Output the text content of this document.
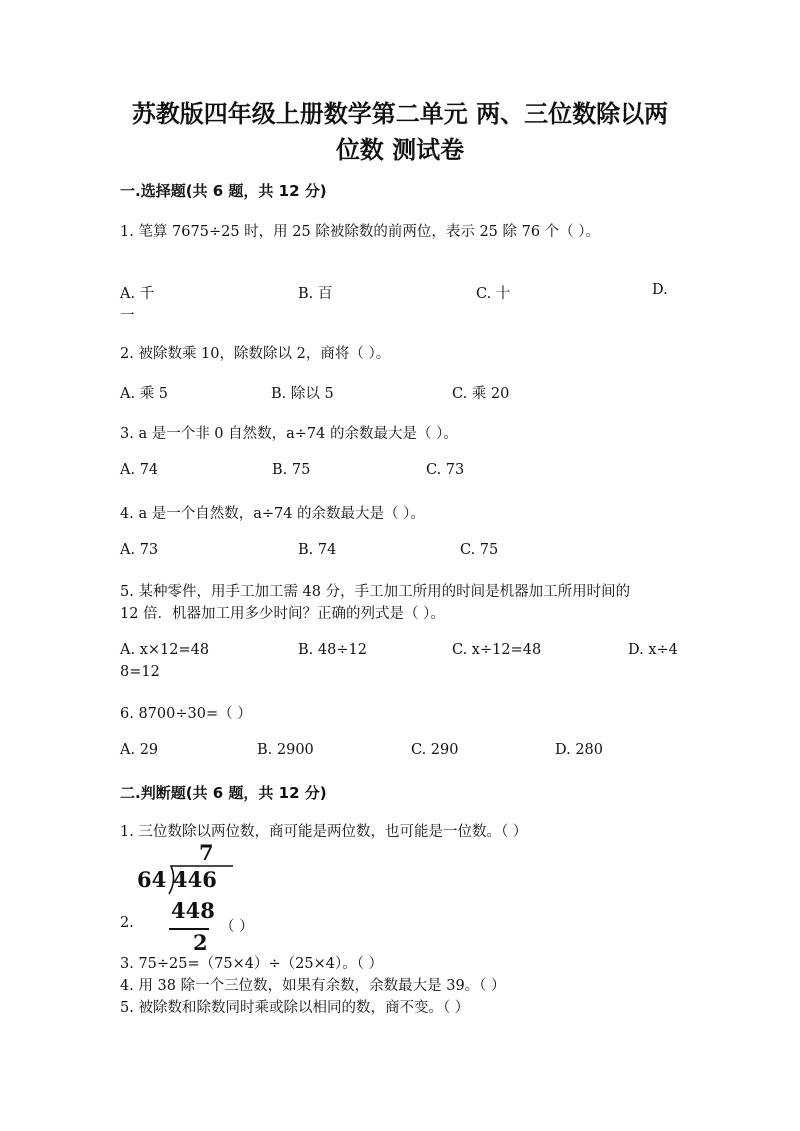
苏教版四年级上册数学第二单元 两、三位数除以两
位数 测试卷
一.选择题(共 6 题，共 12 分)
1. 笔算 7675÷25 时，用 25 除被除数的前两位，表示 25 除 76 个（ ）。
A. 千	B. 百	C. 十	D.
一
2. 被除数乘 10，除数除以 2，商将（ ）。
A. 乘 5	B. 除以 5	C. 乘 20
3. a 是一个非 0 自然数，a÷74 的余数最大是（ ）。
A. 74	B. 75	C. 73
4. a 是一个自然数，a÷74 的余数最大是（ ）。
A. 73	B. 74	C. 75
5. 某种零件，用手工加工需 48 分，手工加工所用的时间是机器加工所用时间的
12 倍．机器加工用多少时间？正确的列式是（ ）。
A. x×12=48	B. 48÷12	C. x÷12=48	D. x÷4
8=12
6. 8700÷30=（ ）
A. 29	B. 2900	C. 290	D. 280
二.判断题(共 6 题，共 12 分)
1. 三位数除以两位数，商可能是两位数，也可能是一位数。（ ）
7
64 446
448
2
2.	（ ）
3. 75÷25=（75×4）÷（25×4）。（ ）
4. 用 38 除一个三位数，如果有余数，余数最大是 39。（ ）
5. 被除数和除数同时乘或除以相同的数，商不变。（ ）
